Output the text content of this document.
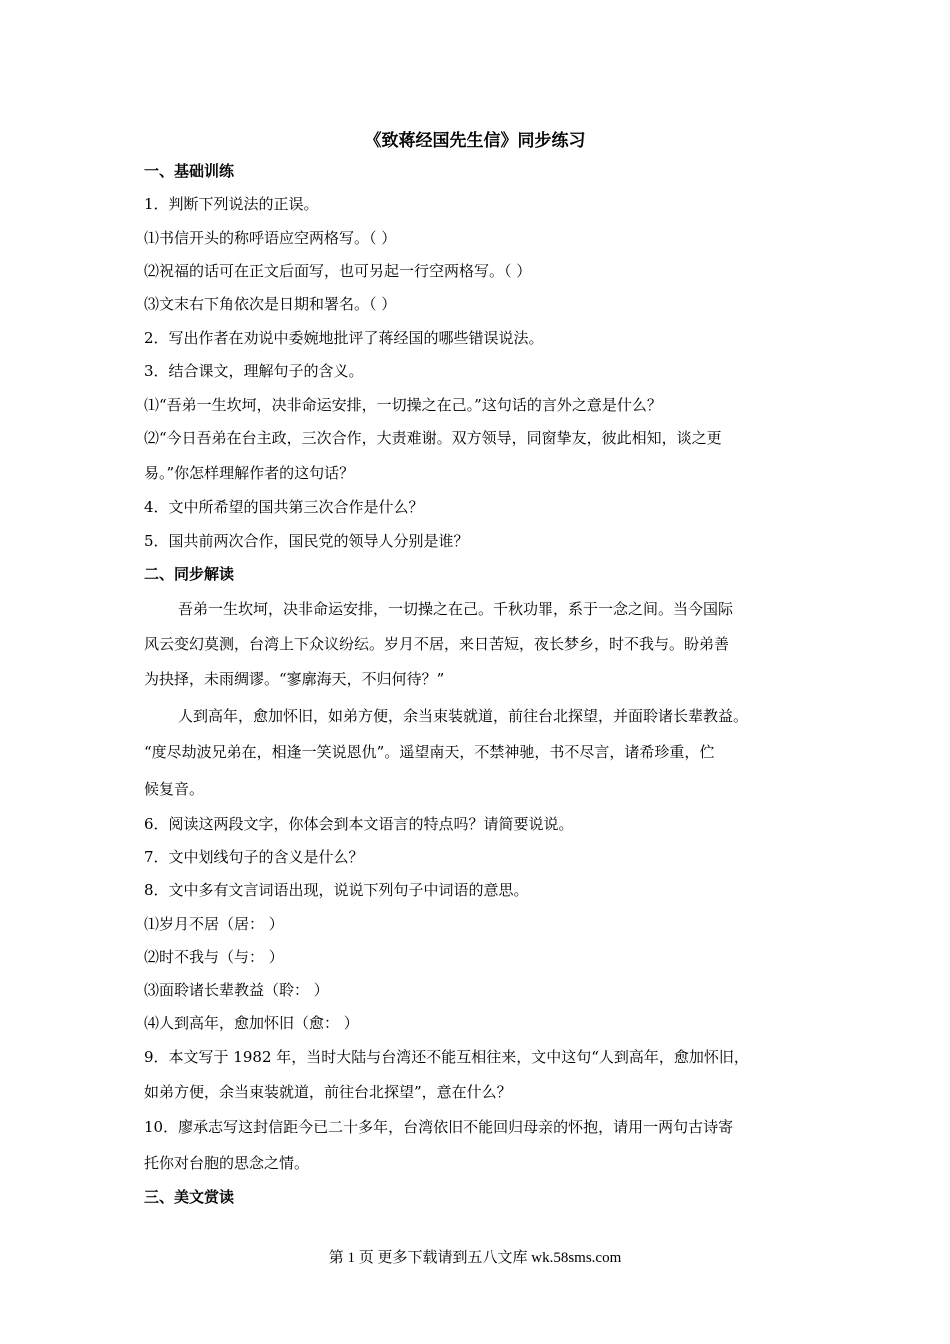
《致蒋经国先生信》同步练习
一、基础训练
1．判断下列说法的正误。
⑴书信开头的称呼语应空两格写。（ ）
⑵祝福的话可在正文后面写，也可另起一行空两格写。（ ）
⑶文末右下角依次是日期和署名。（ ）
2．写出作者在劝说中委婉地批评了蒋经国的哪些错误说法。
3．结合课文，理解句子的含义。
⑴“吾弟一生坎坷，决非命运安排，一切操之在己。”这句话的言外之意是什么？
⑵“今日吾弟在台主政，三次合作，大责难谢。双方领导，同窗挚友，彼此相知，谈之更
易。”你怎样理解作者的这句话？
4．文中所希望的国共第三次合作是什么？
5．国共前两次合作，国民党的领导人分别是谁？
二、同步解读
吾弟一生坎坷，决非命运安排，一切操之在己。千秋功罪，系于一念之间。当今国际
风云变幻莫测，台湾上下众议纷纭。岁月不居，来日苦短，夜长梦乡，时不我与。盼弟善
为抉择，未雨绸谬。“寥廓海天，不归何待？”
人到高年，愈加怀旧，如弟方便，余当束装就道，前往台北探望，并面聆诸长辈教益。
“度尽劫波兄弟在，相逢一笑说恩仇”。遥望南天，不禁神驰，书不尽言，诸希珍重，伫
候复音。
6．阅读这两段文字，你体会到本文语言的特点吗？请简要说说。
7．文中划线句子的含义是什么？
8．文中多有文言词语出现，说说下列句子中词语的意思。
⑴岁月不居（居： ）
⑵时不我与（与： ）
⑶面聆诸长辈教益（聆： ）
⑷人到高年，愈加怀旧（愈： ）
9．本文写于 1982 年，当时大陆与台湾还不能互相往来，文中这句“人到高年，愈加怀旧，
如弟方便，余当束装就道，前往台北探望”，意在什么？
10．廖承志写这封信距今已二十多年，台湾依旧不能回归母亲的怀抱，请用一两句古诗寄
托你对台胞的思念之情。
三、美文赏读
第 1 页 更多下载请到五八文库 wk.58sms.com
